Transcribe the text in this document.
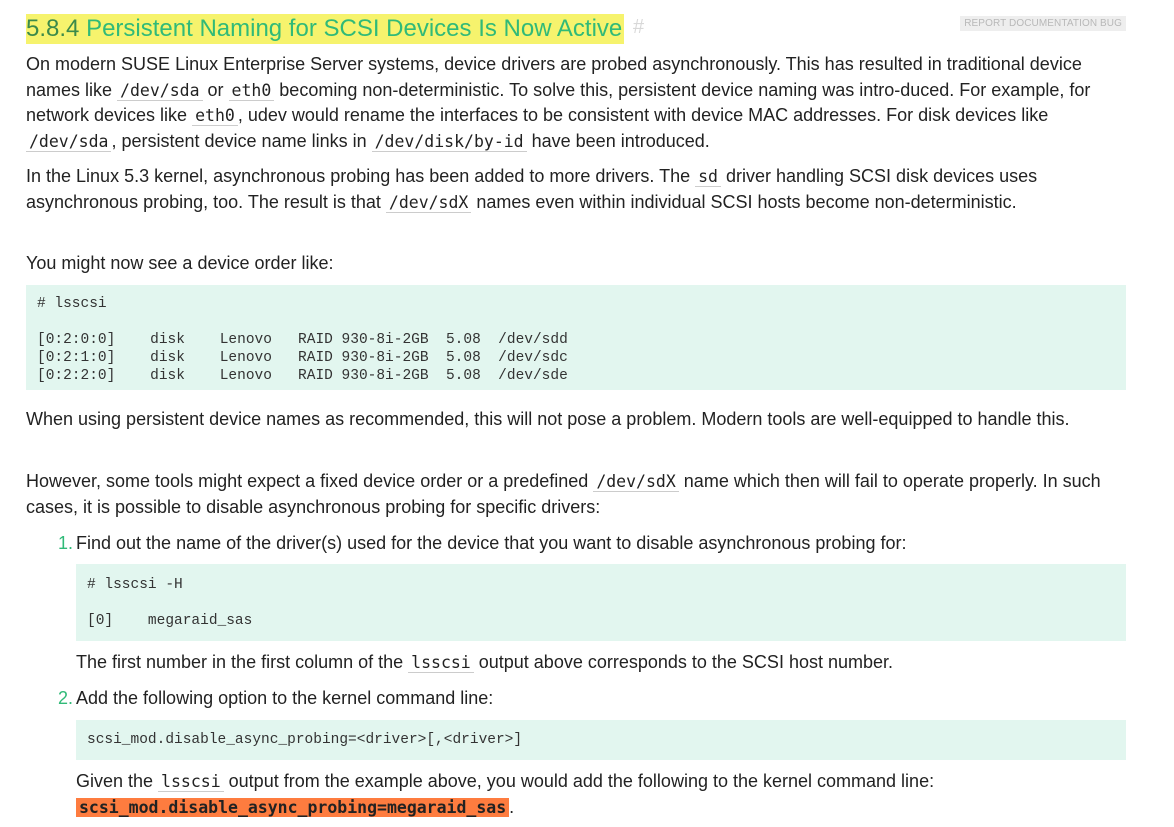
5.8.4 Persistent Naming for SCSI Devices Is Now Active #	REPORT DOCUMENTATION BUG

On modern SUSE Linux Enterprise Server systems, device drivers are probed asynchronously. This has resulted in traditional device names like /dev/sda or eth0 becoming non-deterministic. To solve this, persistent device naming was intro-duced. For example, for network devices like eth0 , udev would rename the interfaces to be consistent with device MAC addresses. For disk devices like /dev/sda , persistent device name links in /dev/disk/by-id have been introduced.

In the Linux 5.3 kernel, asynchronous probing has been added to more drivers. The sd driver handling SCSI disk devices uses asynchronous probing, too. The result is that /dev/sdX names even within individual SCSI hosts become non-deterministic.

You might now see a device order like:

# lsscsi

[0:2:0:0]    disk    Lenovo   RAID 930-8i-2GB  5.08  /dev/sdd
[0:2:1:0]    disk    Lenovo   RAID 930-8i-2GB  5.08  /dev/sdc
[0:2:2:0]    disk    Lenovo   RAID 930-8i-2GB  5.08  /dev/sde

When using persistent device names as recommended, this will not pose a problem. Modern tools are well-equipped to handle this.

However, some tools might expect a fixed device order or a predefined /dev/sdX name which then will fail to operate properly. In such cases, it is possible to disable asynchronous probing for specific drivers:

1. Find out the name of the driver(s) used for the device that you want to disable asynchronous probing for:

# lsscsi -H

[0]    megaraid_sas

The first number in the first column of the lsscsi output above corresponds to the SCSI host number.

2. Add the following option to the kernel command line:

scsi_mod.disable_async_probing=<driver>[,<driver>]

Given the lsscsi output from the example above, you would add the following to the kernel command line: scsi_mod.disable_async_probing=megaraid_sas .
